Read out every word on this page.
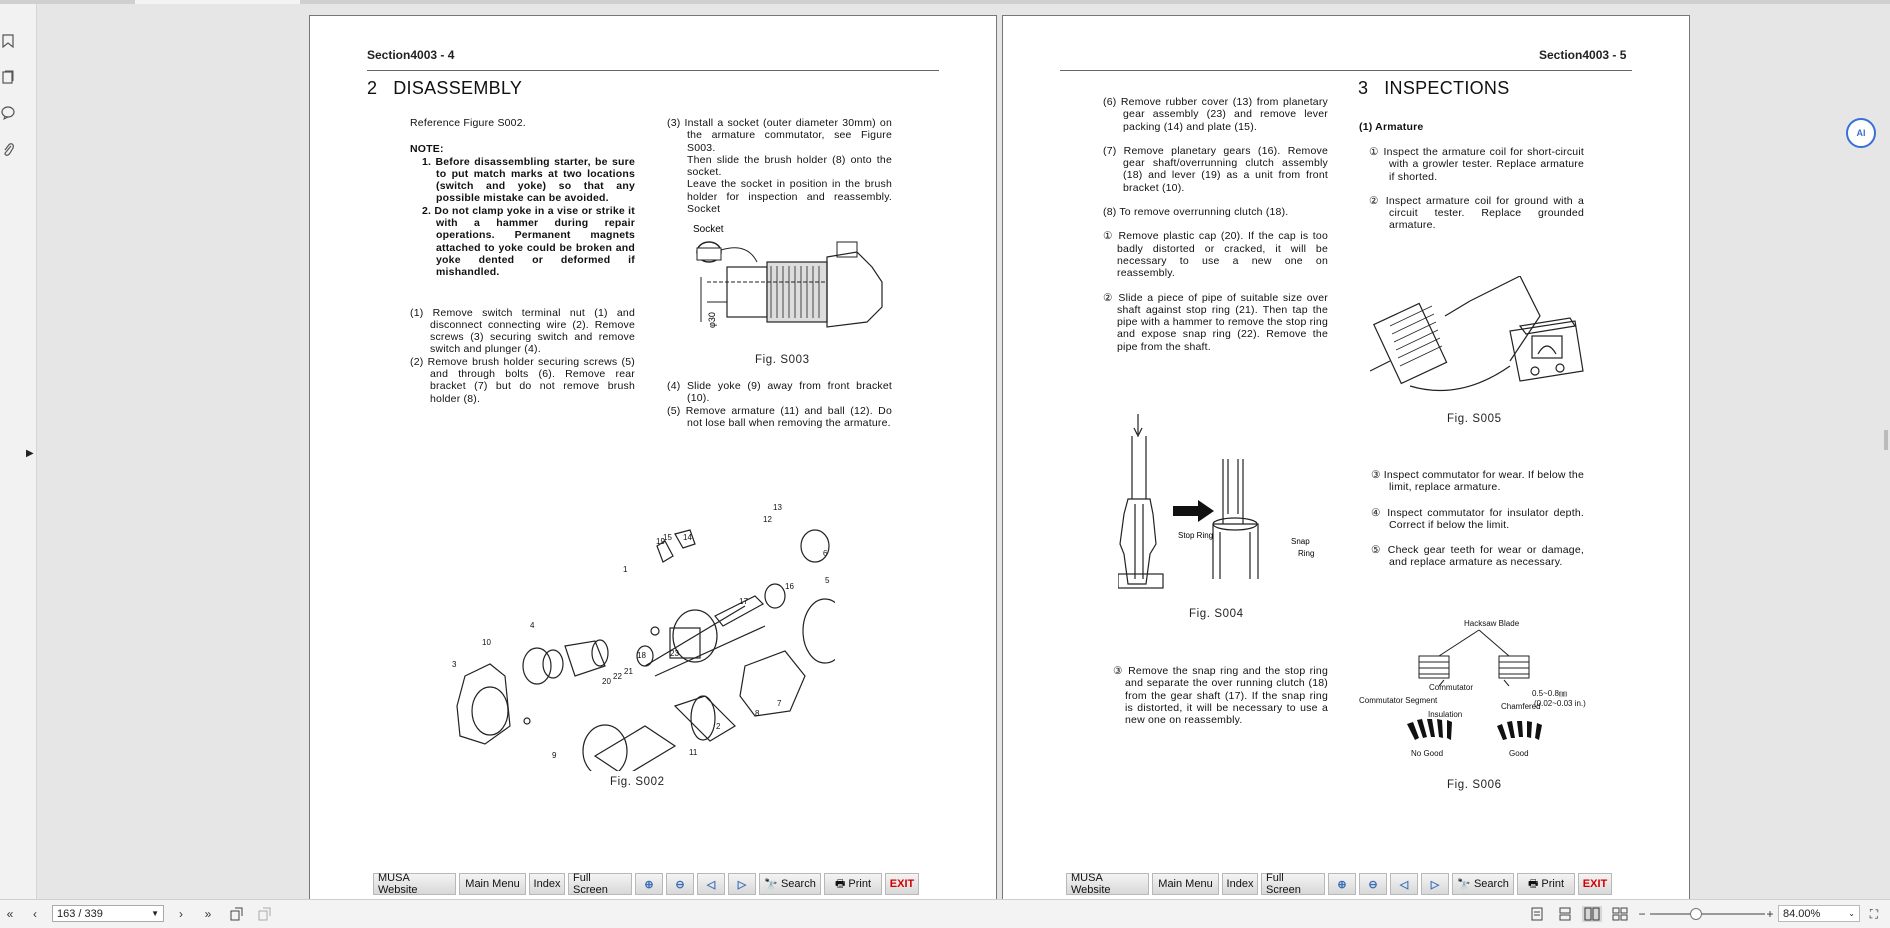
▶
Section4003 - 4
2 DISASSEMBLY

Reference Figure S002.

NOTE:

1. Before disassembling starter, be sure to put match marks at two locations (switch and yoke) so that any possible mistake can be avoided.

2. Do not clamp yoke in a vise or strike it with a hammer during repair operations. Permanent magnets attached to yoke could be broken and yoke dented or deformed if mishandled.

(1) Remove switch terminal nut (1) and disconnect connecting wire (2). Remove screws (3) securing switch and remove switch and plunger (4).

(2) Remove brush holder securing screws (5) and through bolts (6). Remove rear bracket (7) but do not remove brush holder (8).

(3) Install a socket (outer diameter 30mm) on the armature commutator, see Figure S003.

Then slide the brush holder (8) onto the socket.

Leave the socket in position in the brush holder for inspection and reassembly. Socket

Socket
φ30
Fig. S003

(4) Slide yoke (9) away from front bracket (10).

(5) Remove armature (11) and ball (12). Do not lose ball when removing the armature.

13
12
19
15 14
1
10
4
3
6
5
16
17
20
22
21
18	23
2
8
7
9	11
Fig. S002
MUSA Website	Main Menu	Index	Full Screen	⊕ ⊖ ◁ ▷ 🔭 Search 🖶 Print	EXIT
Section4003 - 5

(6) Remove rubber cover (13) from planetary gear assembly (23) and remove lever packing (14) and plate (15).

(7) Remove planetary gears (16). Remove gear shaft/overrunning clutch assembly (18) and lever (19) as a unit from front bracket (10).

(8) To remove overrunning clutch (18).

① Remove plastic cap (20). If the cap is too badly distorted or cracked, it will be necessary to use a new one on reassembly.

② Slide a piece of pipe of suitable size over shaft against stop ring (21). Then tap the pipe with a hammer to remove the stop ring and expose snap ring (22). Remove the pipe from the shaft.

Stop Ring
Snap
Ring
Fig. S004

③ Remove the snap ring and the stop ring and separate the over running clutch (18) from the gear shaft (17). If the snap ring is distorted, it will be necessary to use a new one on reassembly.

3 INSPECTIONS

(1) Armature

① Inspect the armature coil for short-circuit with a growler tester. Replace armature if shorted.

② Inspect armature coil for ground with a circuit tester. Replace grounded armature.

Fig. S005

③ Inspect commutator for wear. If below the limit, replace armature.

④ Inspect commutator for insulator depth. Correct if below the limit.

⑤ Check gear teeth for wear or damage, and replace armature as necessary.

Hacksaw Blade
Commutator
Commutator Segment
Insulation
Chamfered
0.5~0.8㎜
(0.02~0.03 in.)
No Good	Good
Fig. S006
MUSA Website	Main Menu	Index	Full Screen	⊕ ⊖ ◁ ▷ 🔭 Search 🖶 Print	EXIT
AI
«	‹	163 / 339	▼	›	»	−	+ 84.00%	⌄	⛶
